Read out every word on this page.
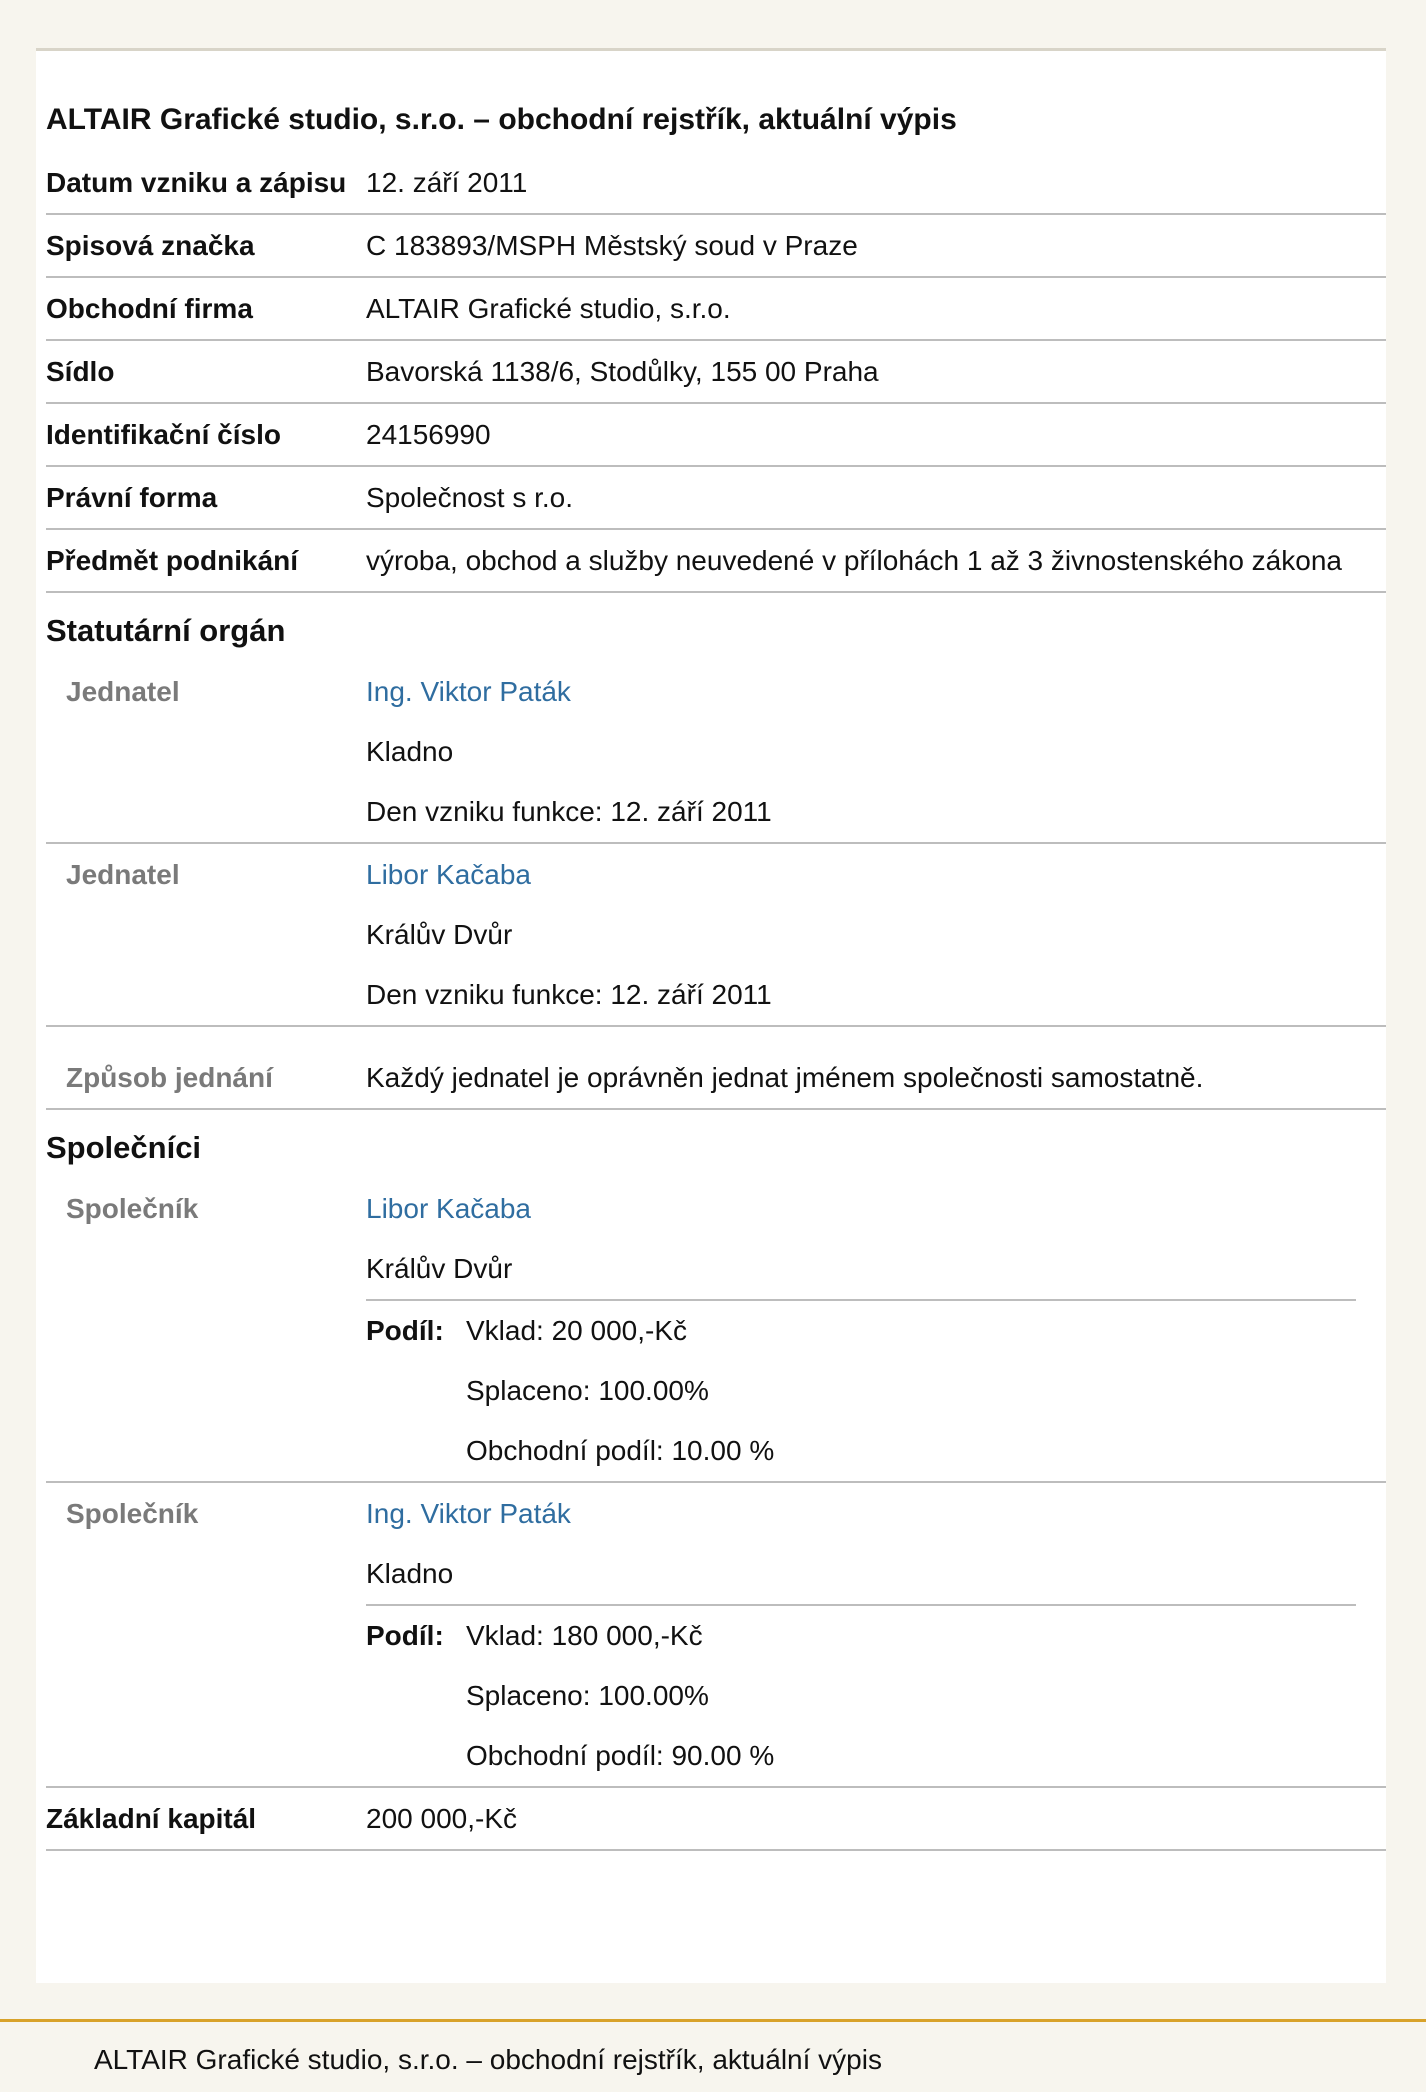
ALTAIR Grafické studio, s.r.o. – obchodní rejstřík, aktuální výpis
Datum vzniku a zápisu 12. září 2011
Spisová značka	C 183893/MSPH Městský soud v Praze
Obchodní firma	ALTAIR Grafické studio, s.r.o.
Sídlo	Bavorská 1138/6, Stodůlky, 155 00 Praha
Identifikační číslo	24156990
Právní forma	Společnost s r.o.
Předmět podnikání	výroba, obchod a služby neuvedené v přílohách 1 až 3 živnostenského zákona
Statutární orgán
Jednatel	Ing. Viktor Paták
Kladno
Den vzniku funkce: 12. září 2011
Jednatel	Libor Kačaba
Králův Dvůr
Den vzniku funkce: 12. září 2011
Způsob jednání	Každý jednatel je oprávněn jednat jménem společnosti samostatně.
Společníci
Společník	Libor Kačaba
Králův Dvůr
Podíl: Vklad: 20 000,-Kč
Splaceno: 100.00%
Obchodní podíl: 10.00 %
Společník	Ing. Viktor Paták
Kladno
Podíl: Vklad: 180 000,-Kč
Splaceno: 100.00%
Obchodní podíl: 90.00 %
Základní kapitál	200 000,-Kč
ALTAIR Grafické studio, s.r.o. – obchodní rejstřík, aktuální výpis
